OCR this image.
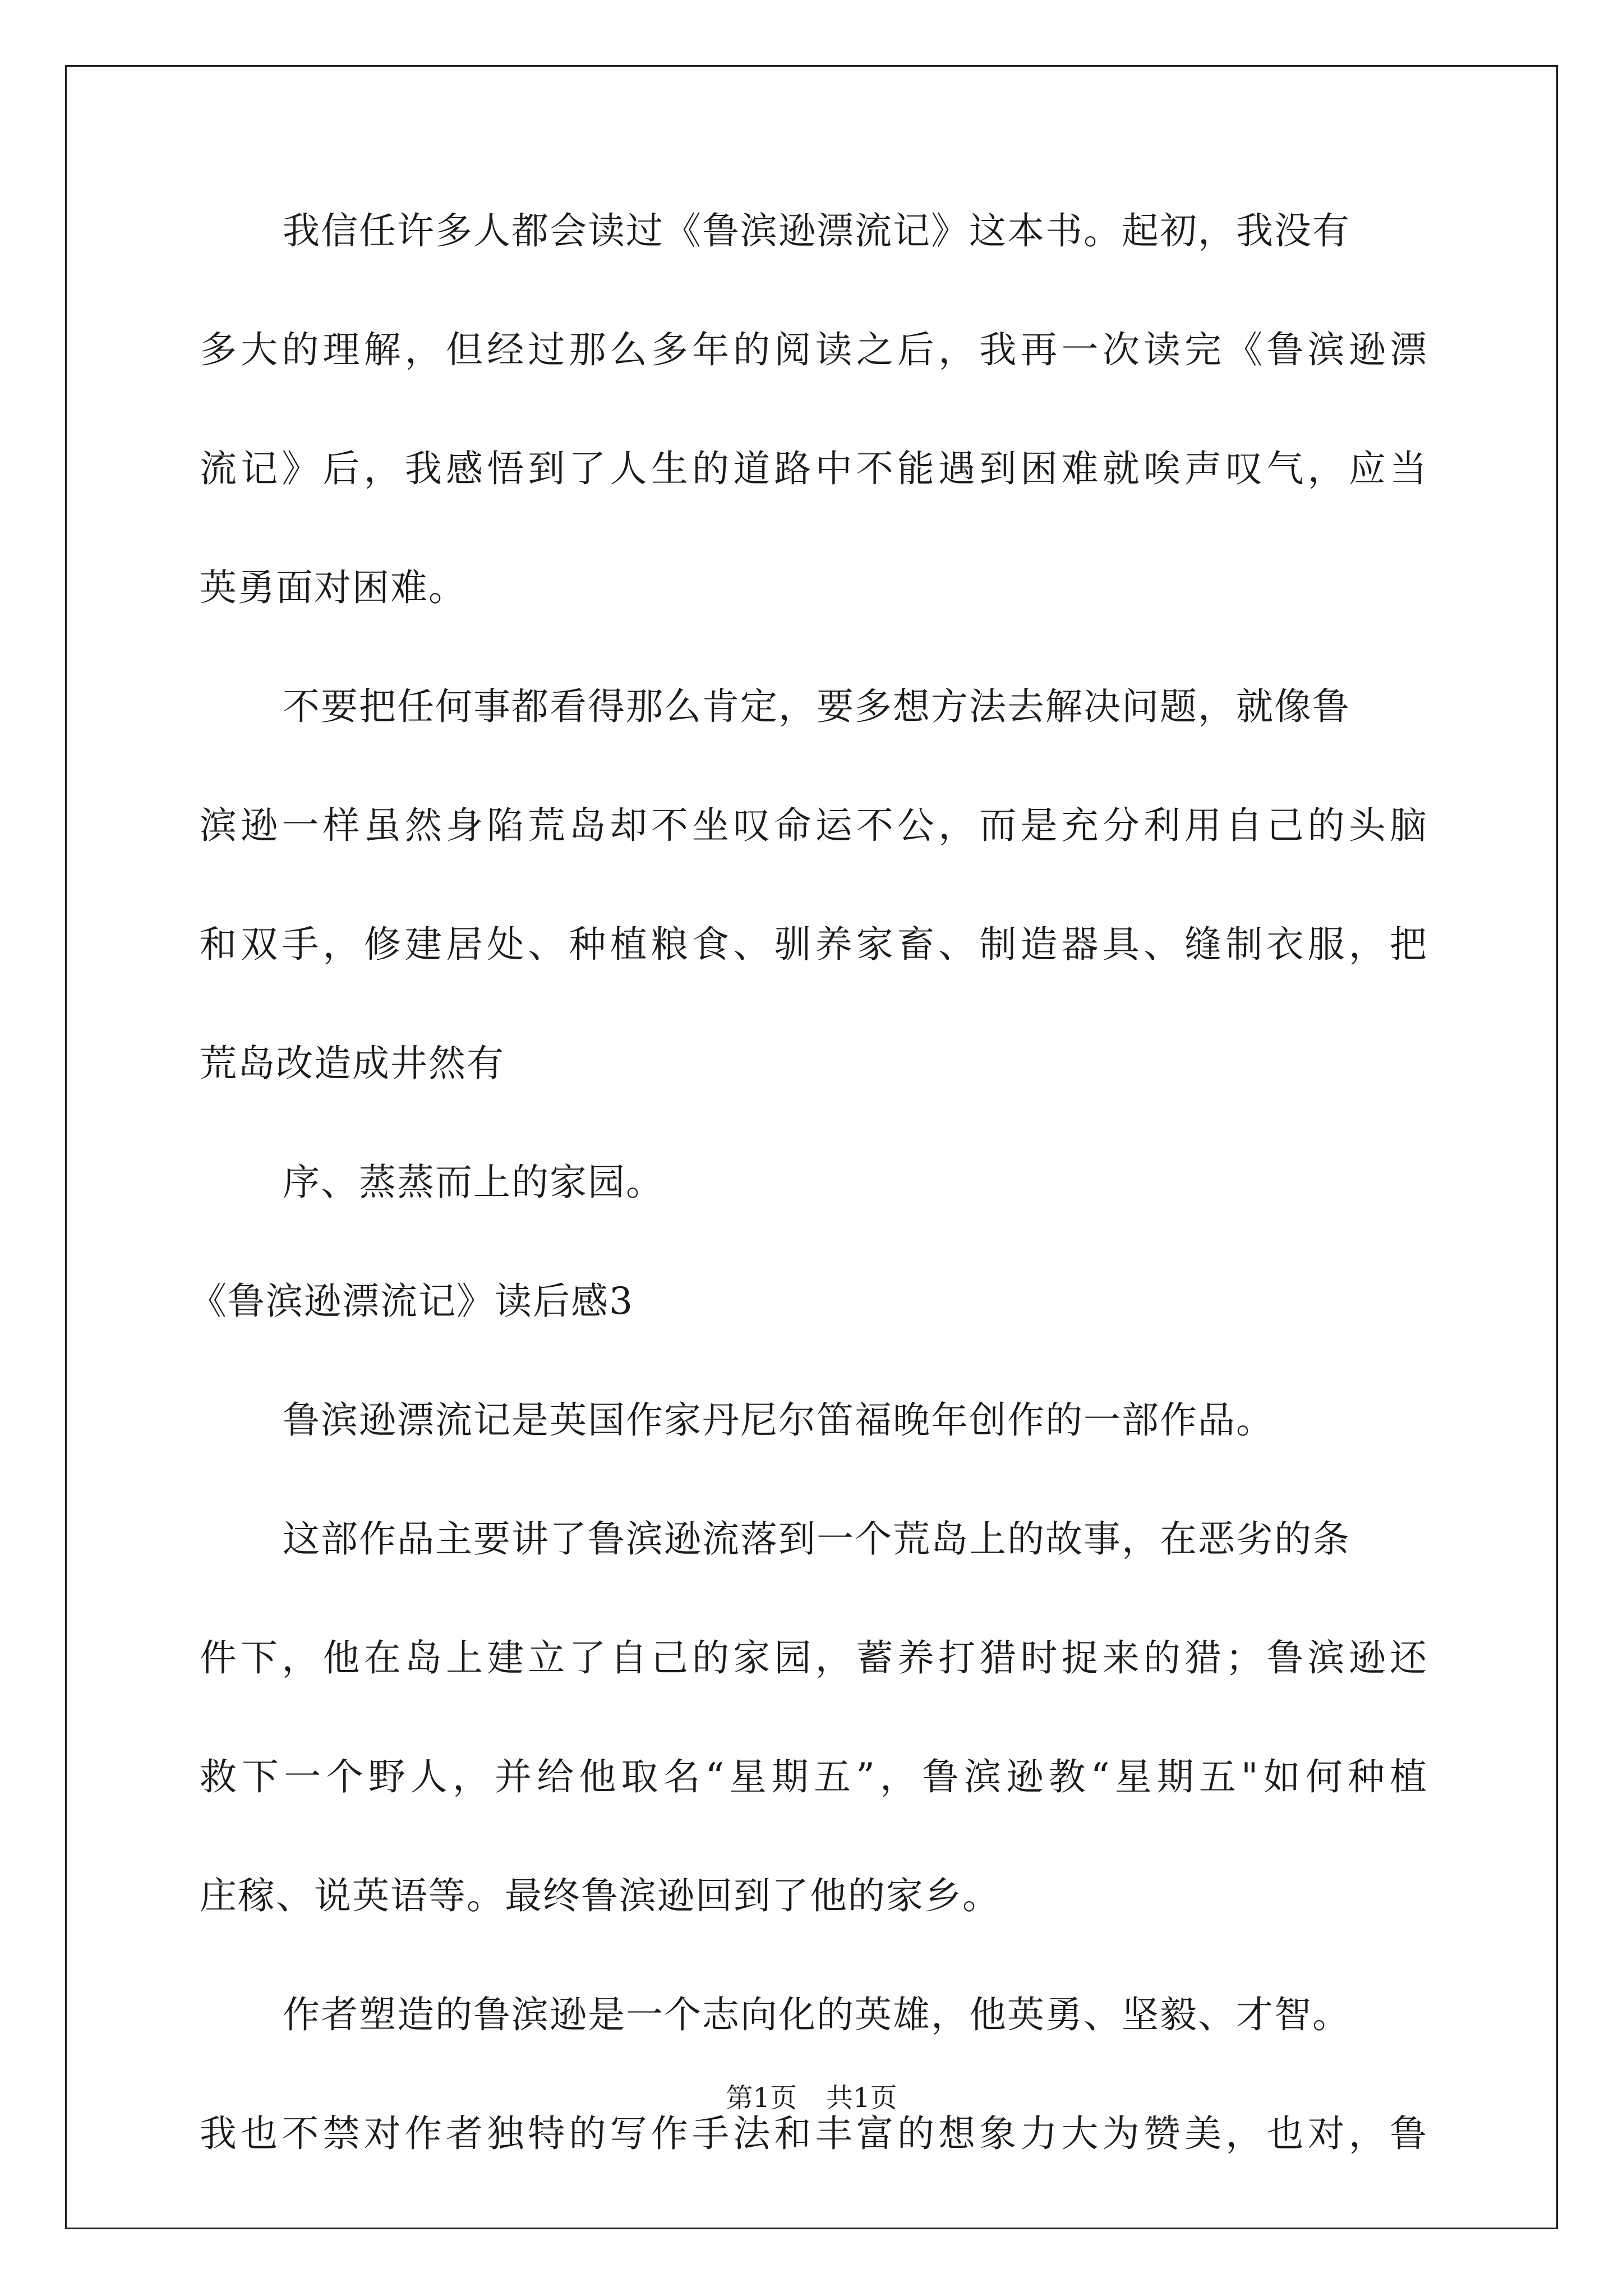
我信任许多人都会读过《鲁滨逊漂流记》这本书。起初，我没有
多大的理解，但经过那么多年的阅读之后，我再一次读完《鲁滨逊漂
流记》后，我感悟到了人生的道路中不能遇到困难就唉声叹气，应当
英勇面对困难。
不要把任何事都看得那么肯定，要多想方法去解决问题，就像鲁
滨逊一样虽然身陷荒岛却不坐叹命运不公，而是充分利用自己的头脑
和双手，修建居处、种植粮食、驯养家畜、制造器具、缝制衣服，把
荒岛改造成井然有
序、蒸蒸而上的家园。
《鲁滨逊漂流记》读后感3
鲁滨逊漂流记是英国作家丹尼尔笛福晚年创作的一部作品。
这部作品主要讲了鲁滨逊流落到一个荒岛上的故事，在恶劣的条
件下，他在岛上建立了自己的家园，蓄养打猎时捉来的猎；鲁滨逊还
救下一个野人，并给他取名“星期五”，鲁滨逊教“星期五"如何种植
庄稼、说英语等。最终鲁滨逊回到了他的家乡。
作者塑造的鲁滨逊是一个志向化的英雄，他英勇、坚毅、才智。
我也不禁对作者独特的写作手法和丰富的想象力大为赞美，也对，鲁
第1页 共1页
